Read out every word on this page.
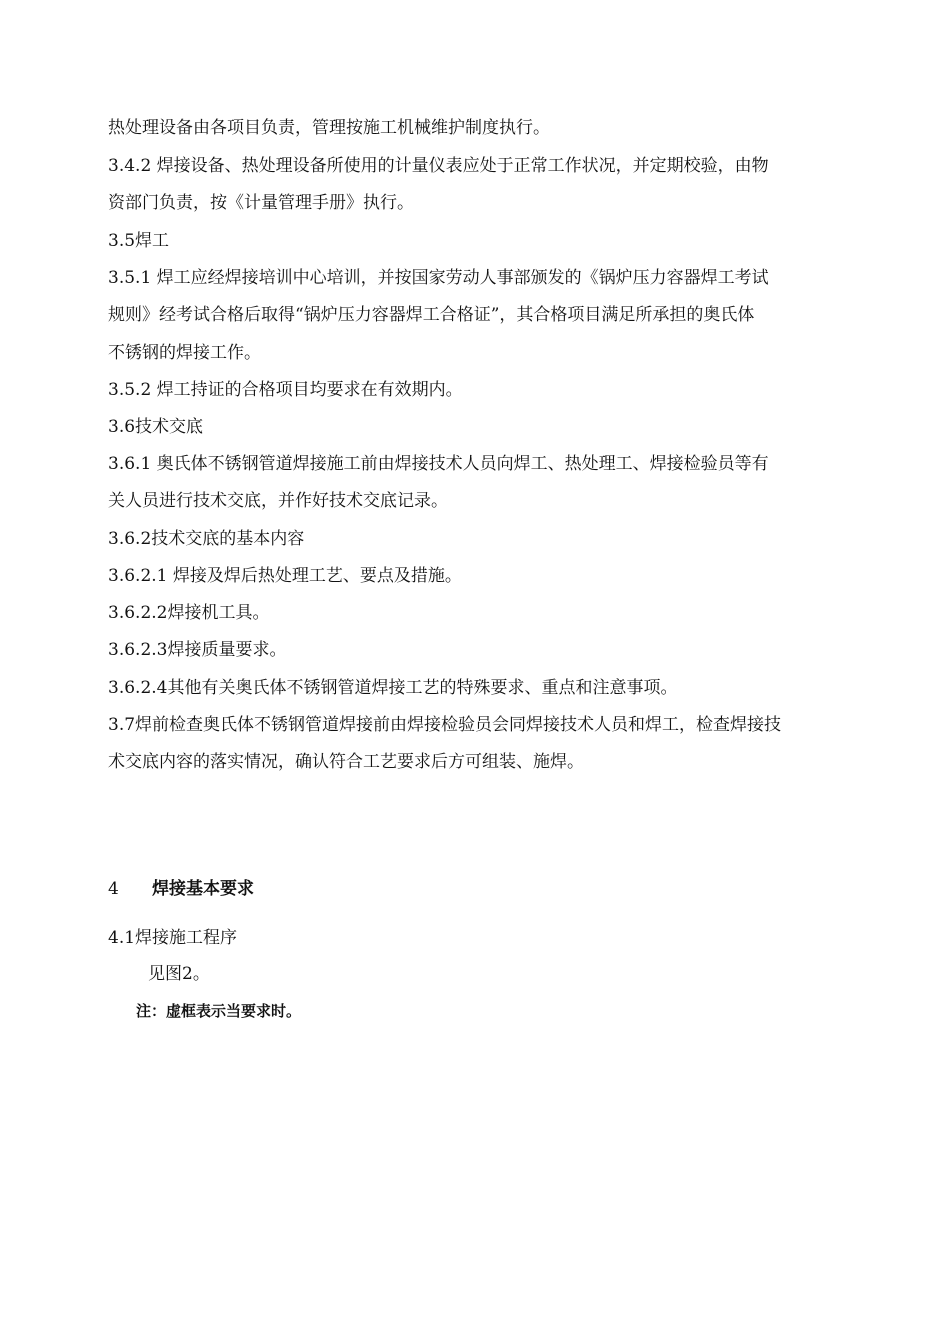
热处理设备由各项目负责，管理按施工机械维护制度执行。
3.4.2 焊接设备、热处理设备所使用的计量仪表应处于正常工作状况，并定期校验，由物
资部门负责，按《计量管理手册》执行。
3.5焊工
3.5.1 焊工应经焊接培训中心培训，并按国家劳动人事部颁发的《锅炉压力容器焊工考试
规则》经考试合格后取得“锅炉压力容器焊工合格证”，其合格项目满足所承担的奥氏体
不锈钢的焊接工作。
3.5.2 焊工持证的合格项目均要求在有效期内。
3.6技术交底
3.6.1 奥氏体不锈钢管道焊接施工前由焊接技术人员向焊工、热处理工、焊接检验员等有
关人员进行技术交底，并作好技术交底记录。
3.6.2技术交底的基本内容
3.6.2.1 焊接及焊后热处理工艺、要点及措施。
3.6.2.2焊接机工具。
3.6.2.3焊接质量要求。
3.6.2.4其他有关奥氏体不锈钢管道焊接工艺的特殊要求、重点和注意事项。
3.7焊前检查奥氏体不锈钢管道焊接前由焊接检验员会同焊接技术人员和焊工，检查焊接技
术交底内容的落实情况，确认符合工艺要求后方可组装、施焊。
4 焊接基本要求
4.1焊接施工程序
见图2。
注：虚框表示当要求时。
